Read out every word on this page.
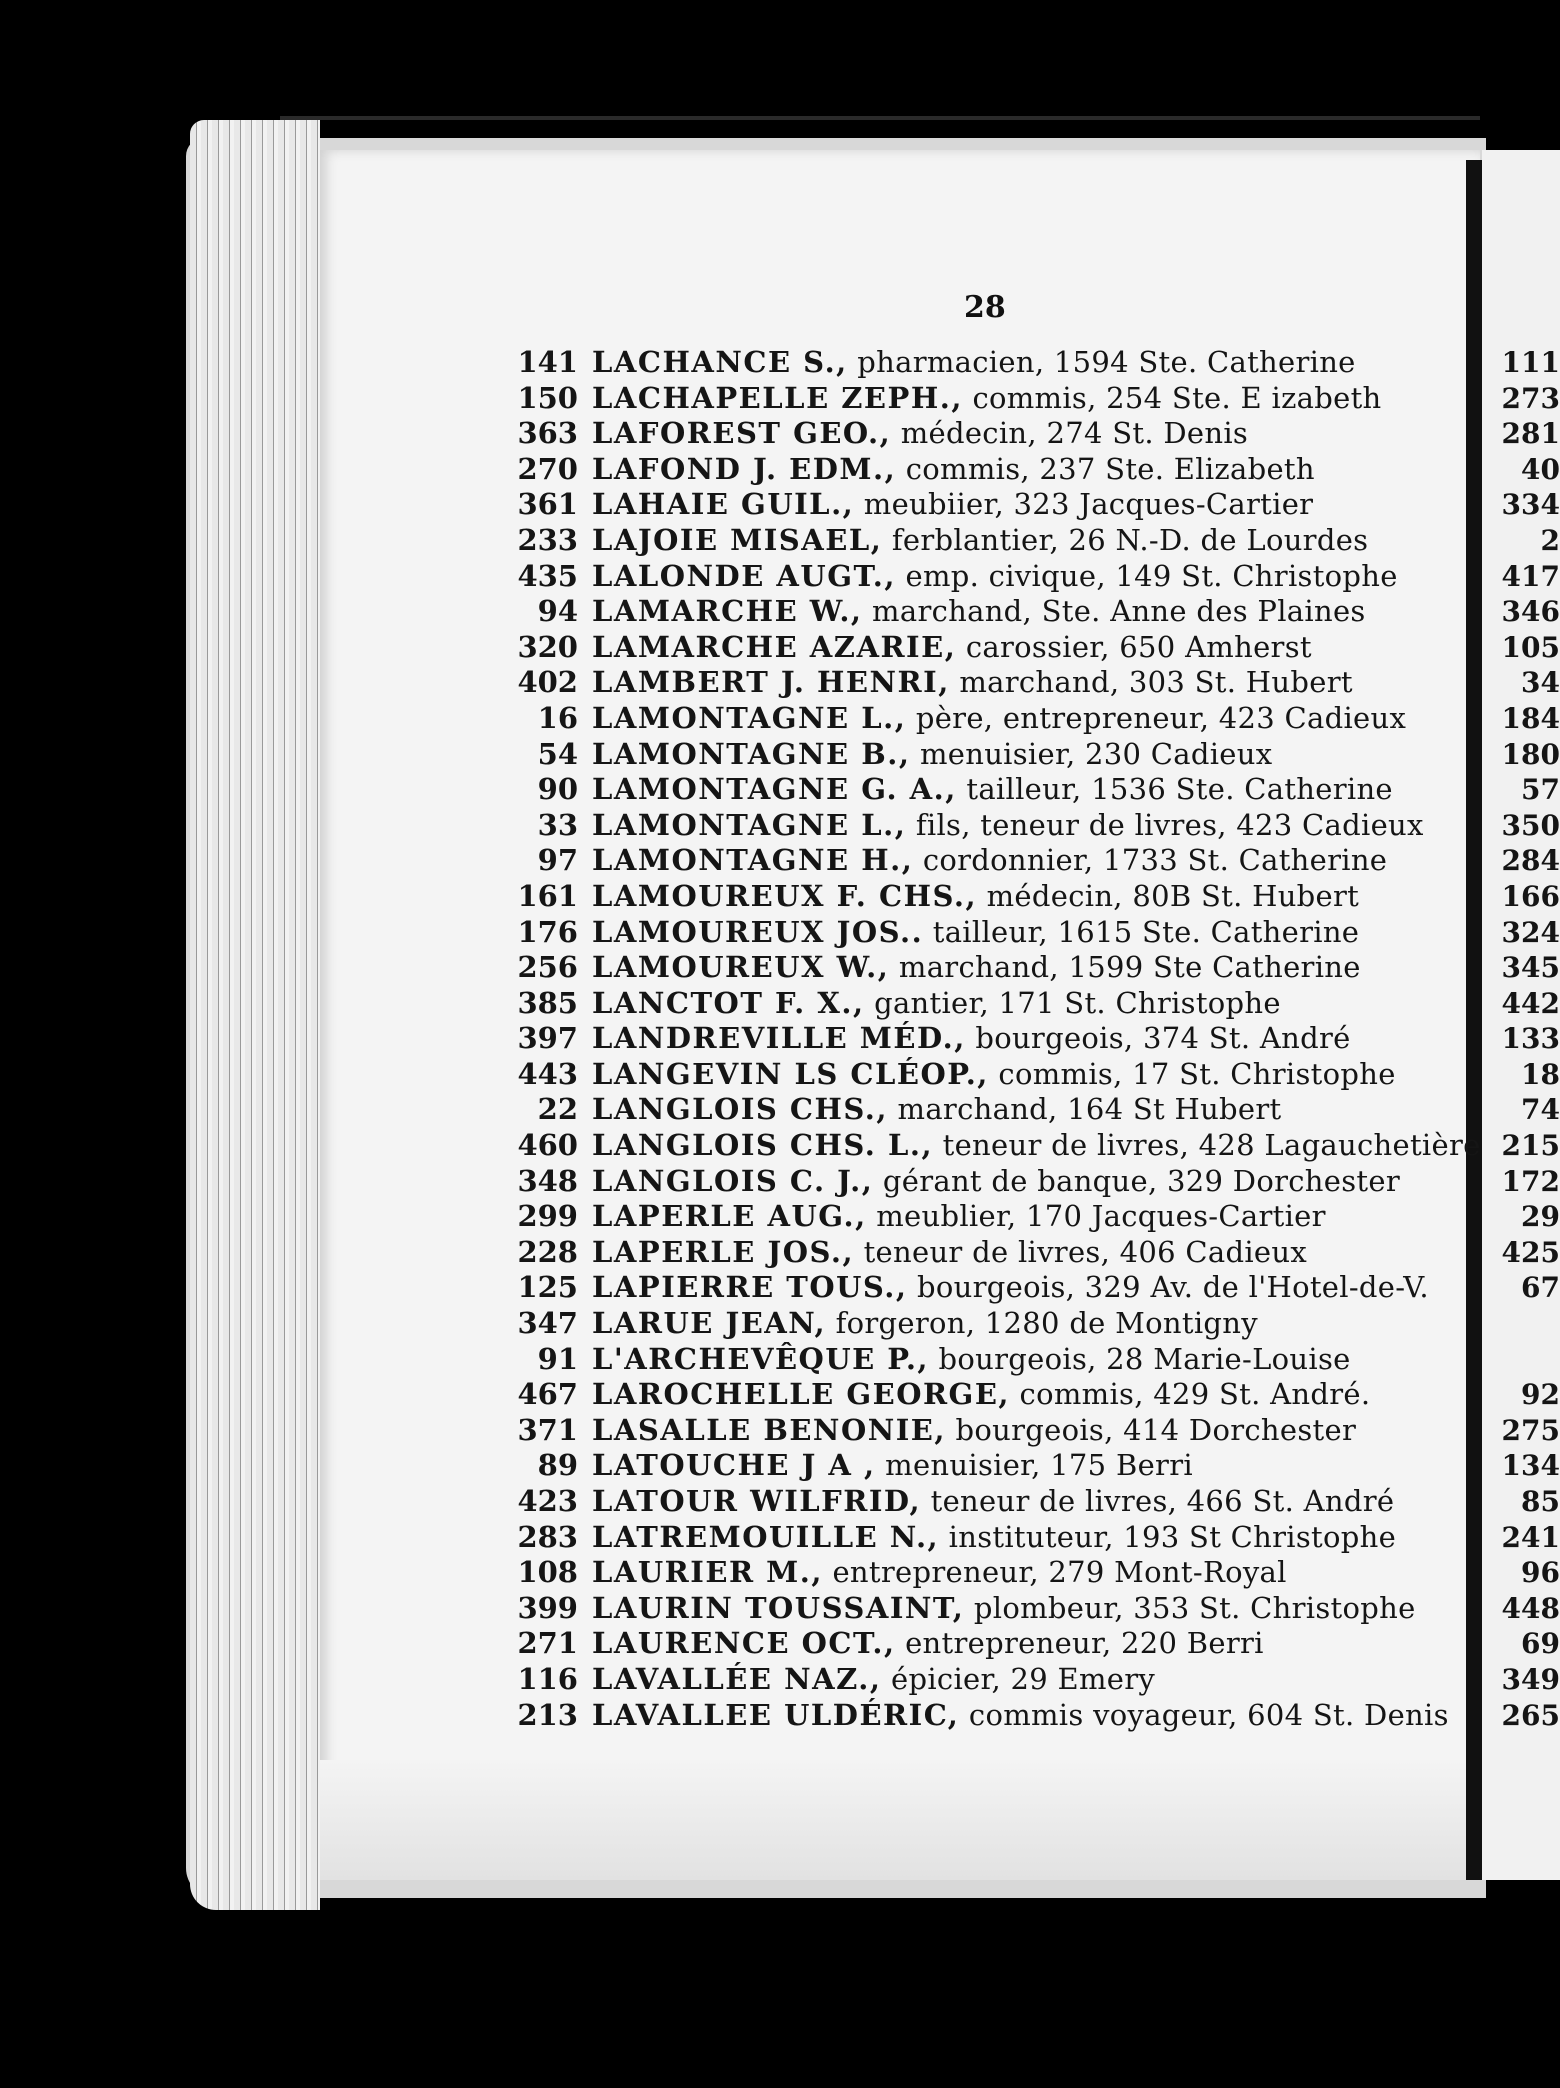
28
141 LACHANCE S., pharmacien, 1594 Ste. Catherine
150 LACHAPELLE ZEPH., commis, 254 Ste. E izabeth
363 LAFOREST GEO., médecin, 274 St. Denis
270 LAFOND J. EDM., commis, 237 Ste. Elizabeth
361 LAHAIE GUIL., meubiier, 323 Jacques-Cartier
233 LAJOIE MISAEL, ferblantier, 26 N.-D. de Lourdes
435 LALONDE AUGT., emp. civique, 149 St. Christophe
94 LAMARCHE W., marchand, Ste. Anne des Plaines
320 LAMARCHE AZARIE, carossier, 650 Amherst
402 LAMBERT J. HENRI, marchand, 303 St. Hubert
16 LAMONTAGNE L., père, entrepreneur, 423 Cadieux
54 LAMONTAGNE B., menuisier, 230 Cadieux
90 LAMONTAGNE G. A., tailleur, 1536 Ste. Catherine
33 LAMONTAGNE L., fils, teneur de livres, 423 Cadieux
97 LAMONTAGNE H., cordonnier, 1733 St. Catherine
161 LAMOUREUX F. CHS., médecin, 80B St. Hubert
176 LAMOUREUX JOS.. tailleur, 1615 Ste. Catherine
256 LAMOUREUX W., marchand, 1599 Ste Catherine
385 LANCTOT F. X., gantier, 171 St. Christophe
397 LANDREVILLE MÉD., bourgeois, 374 St. André
443 LANGEVIN LS CLÉOP., commis, 17 St. Christophe
22 LANGLOIS CHS., marchand, 164 St Hubert
460 LANGLOIS CHS. L., teneur de livres, 428 Lagauchetière
348 LANGLOIS C. J., gérant de banque, 329 Dorchester
299 LAPERLE AUG., meublier, 170 Jacques-Cartier
228 LAPERLE JOS., teneur de livres, 406 Cadieux
125 LAPIERRE TOUS., bourgeois, 329 Av. de l'Hotel-de-V.
347 LARUE JEAN, forgeron, 1280 de Montigny
91 L'ARCHEVÊQUE P., bourgeois, 28 Marie-Louise
467 LAROCHELLE GEORGE, commis, 429 St. André.
371 LASALLE BENONIE, bourgeois, 414 Dorchester
89 LATOUCHE J A , menuisier, 175 Berri
423 LATOUR WILFRID, teneur de livres, 466 St. André
283 LATREMOUILLE N., instituteur, 193 St Christophe
108 LAURIER M., entrepreneur, 279 Mont-Royal
399 LAURIN TOUSSAINT, plombeur, 353 St. Christophe
271 LAURENCE OCT., entrepreneur, 220 Berri
116 LAVALLÉE NAZ., épicier, 29 Emery
213 LAVALLEE ULDÉRIC, commis voyageur, 604 St. Denis
111
273
281
40
334
2
417
346
105
34
184
180
57
350
284
166
324
345
442
133
18
74
215
172
29
425
67
92
275
134
85
241
96
448
69
349
265
